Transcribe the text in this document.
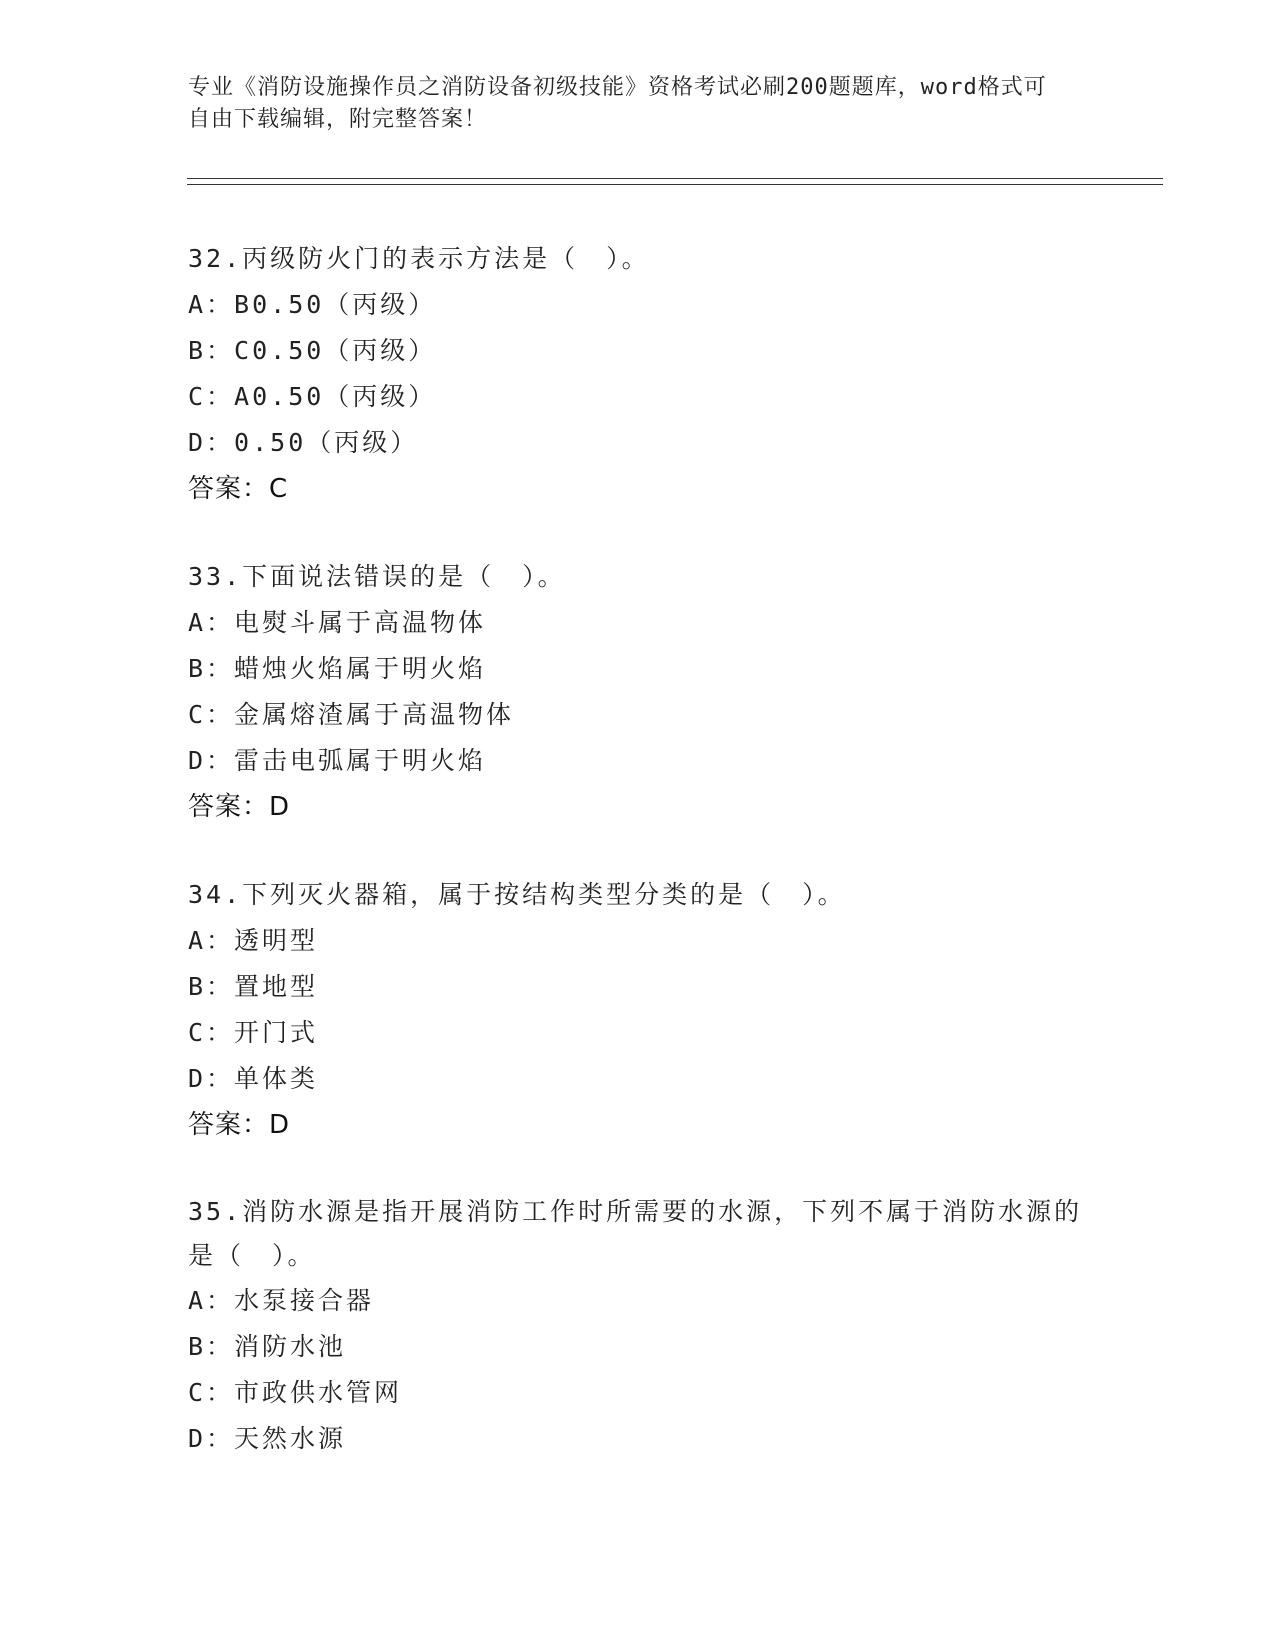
专业《消防设施操作员之消防设备初级技能》资格考试必刷200题题库，word格式可自由下载编辑，附完整答案！
32.丙级防火门的表示方法是（　）。
A：B0.50（丙级）
B：C0.50（丙级）
C：A0.50（丙级）
D：0.50（丙级）
答案：C
33.下面说法错误的是（　）。
A：电熨斗属于高温物体
B：蜡烛火焰属于明火焰
C：金属熔渣属于高温物体
D：雷击电弧属于明火焰
答案：D
34.下列灭火器箱，属于按结构类型分类的是（　）。
A：透明型
B：置地型
C：开门式
D：单体类
答案：D
35.消防水源是指开展消防工作时所需要的水源，下列不属于消防水源的是（　）。
A：水泵接合器
B：消防水池
C：市政供水管网
D：天然水源
